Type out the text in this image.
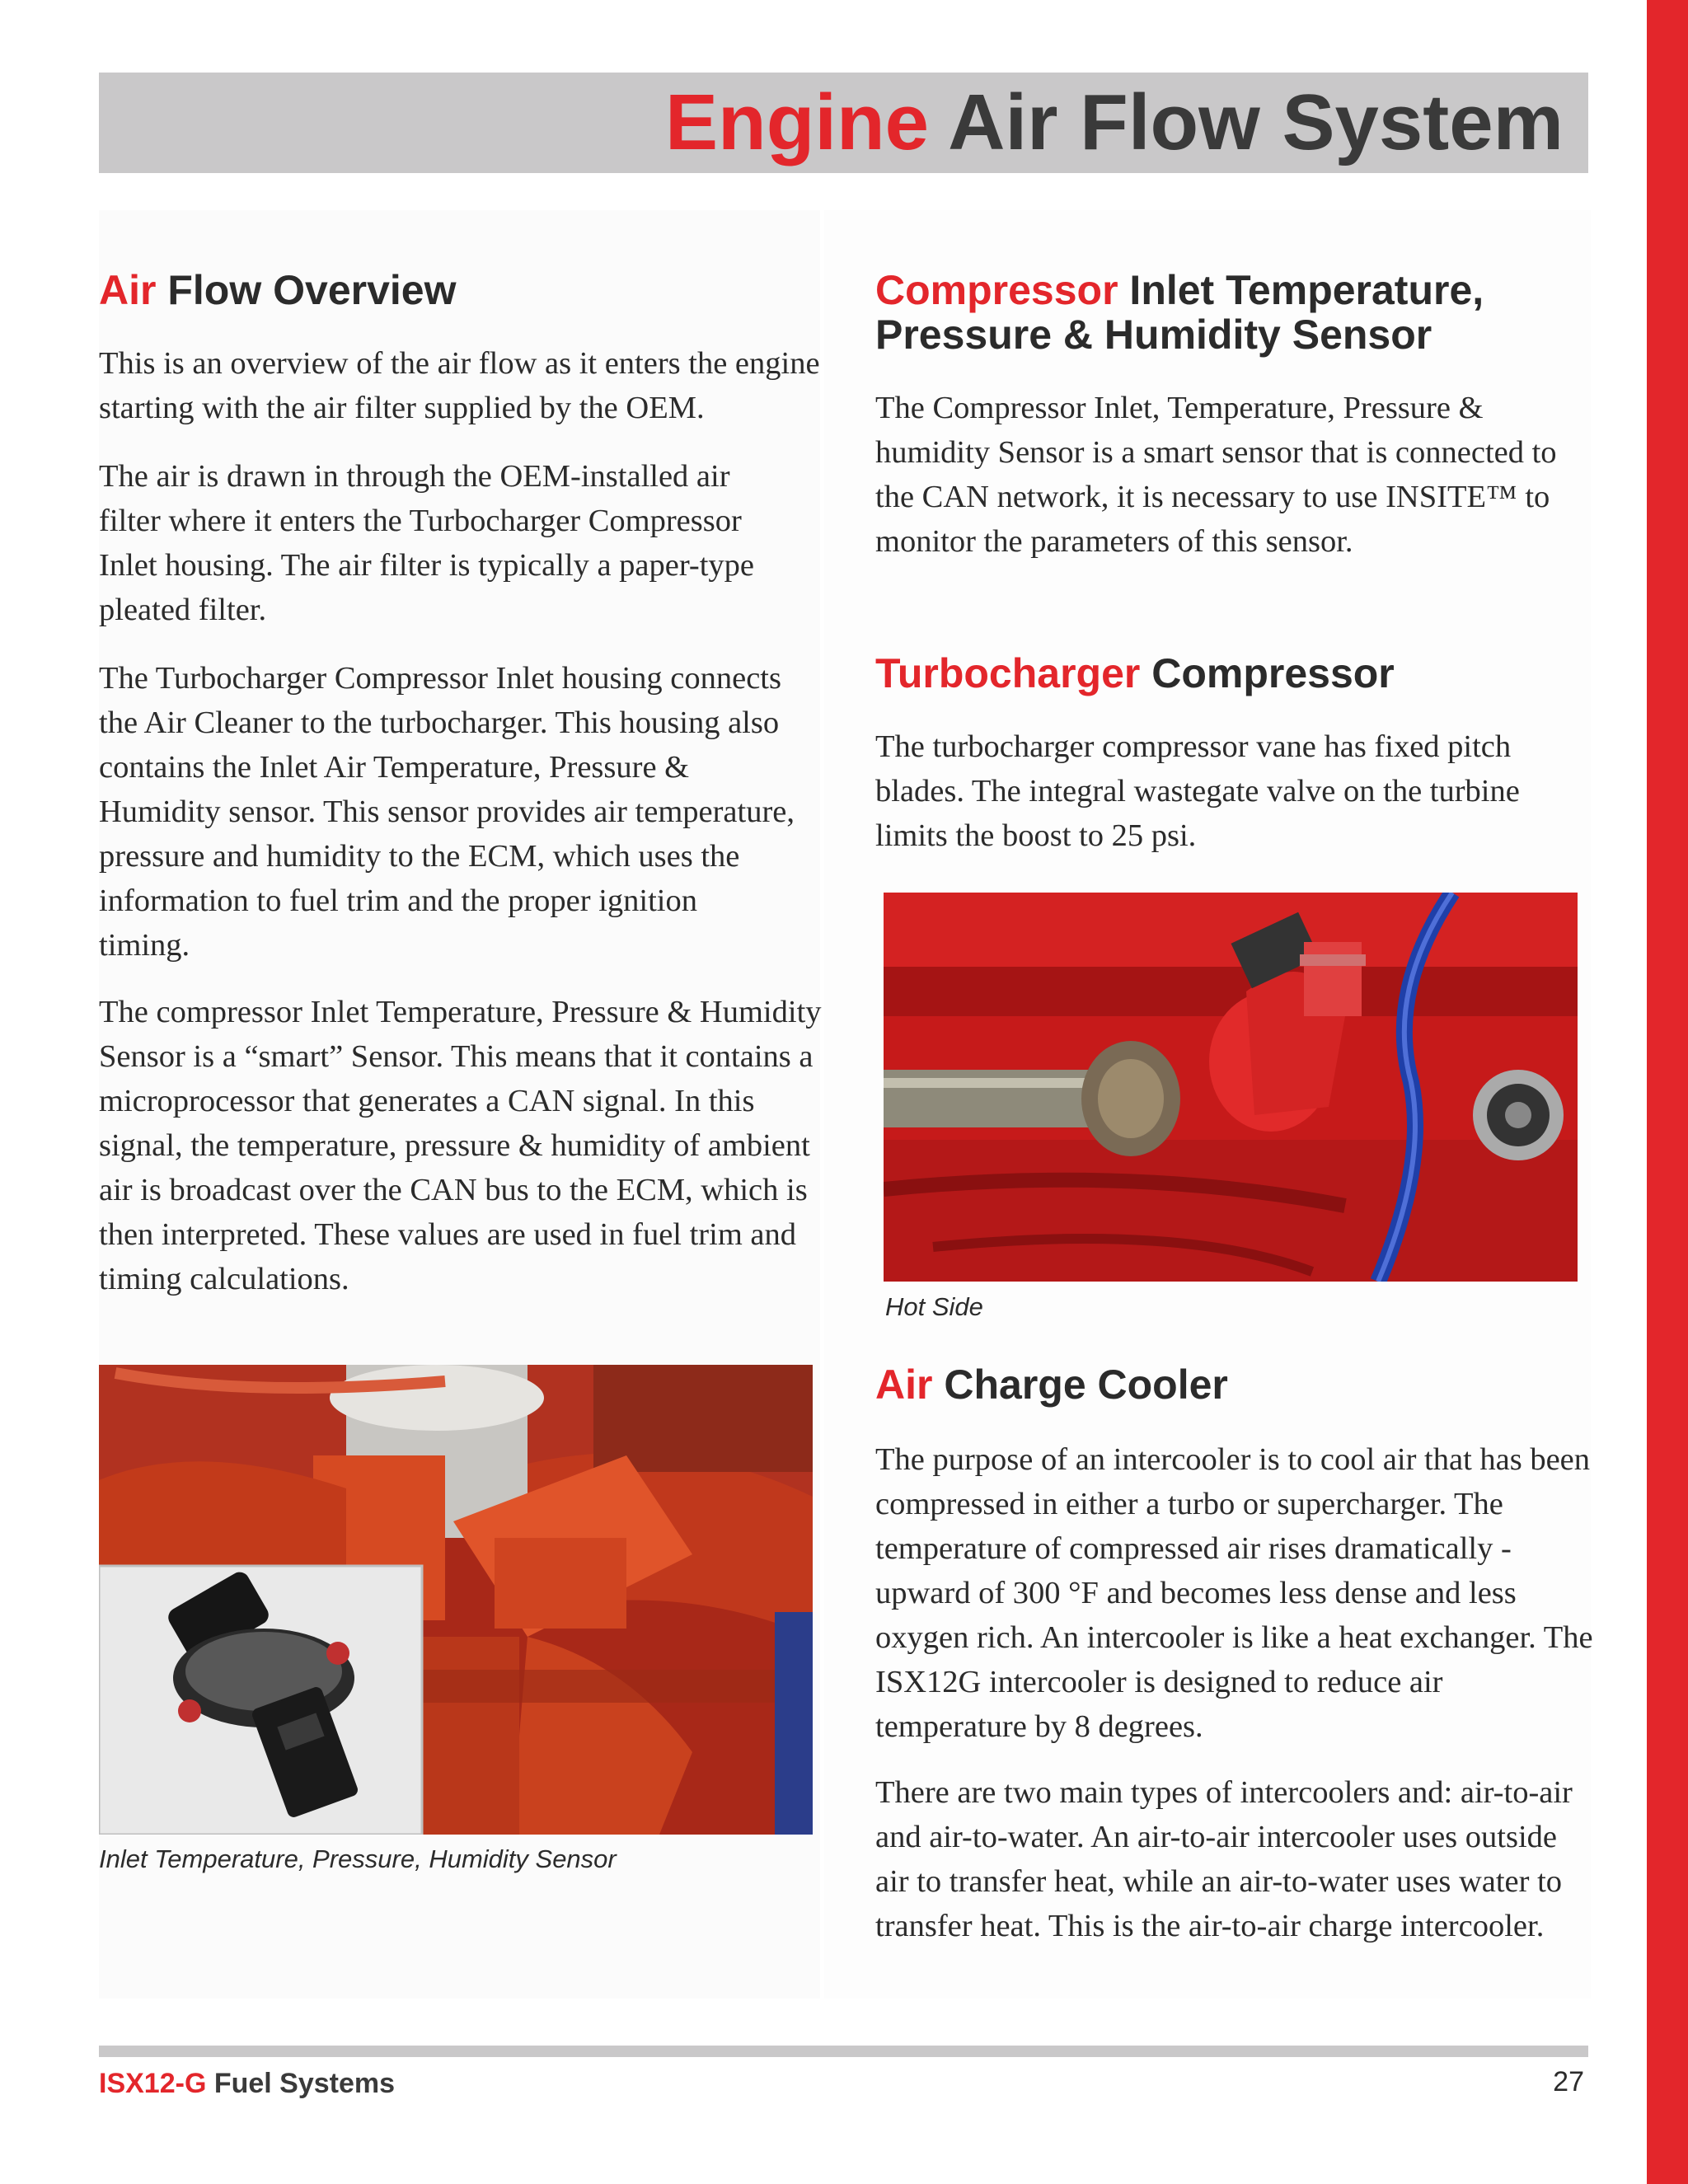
Engine Air Flow System
Air Flow Overview

This is an overview of the air flow as it enters the engine starting with the air filter supplied by the OEM.

The air is drawn in through the OEM-installed air filter where it enters the Turbocharger Compressor Inlet housing. The air filter is typically a paper-type pleated filter.

The Turbocharger Compressor Inlet housing connects the Air Cleaner to the turbocharger. This housing also contains the Inlet Air Temperature, Pressure & Humidity sensor. This sensor provides air temperature, pressure and humidity to the ECM, which uses the information to fuel trim and the proper ignition timing.

The compressor Inlet Temperature, Pressure & Humidity Sensor is a “smart” Sensor. This means that it contains a microprocessor that generates a CAN signal. In this signal, the temperature, pressure & humidity of ambient air is broadcast over the CAN bus to the ECM, which is then interpreted. These values are used in fuel trim and timing calculations.

Inlet Temperature, Pressure, Humidity Sensor
Compressor Inlet Temperature, Pressure & Humidity Sensor

The Compressor Inlet, Temperature, Pressure & humidity Sensor is a smart sensor that is connected to the CAN network, it is necessary to use INSITE™ to monitor the parameters of this sensor.

Turbocharger Compressor

The turbocharger compressor vane has fixed pitch blades. The integral wastegate valve on the turbine limits the boost to 25 psi.

Hot Side
Air Charge Cooler

The purpose of an intercooler is to cool air that has been compressed in either a turbo or supercharger. The temperature of compressed air rises dramatically - upward of 300 °F and becomes less dense and less oxygen rich. An intercooler is like a heat exchanger. The ISX12G intercooler is designed to reduce air temperature by 8 degrees.

There are two main types of intercoolers and: air-to-air and air-to-water. An air-to-air intercooler uses outside air to transfer heat, while an air-to-water uses water to transfer heat. This is the air-to-air charge intercooler.

ISX12-G Fuel Systems	27
